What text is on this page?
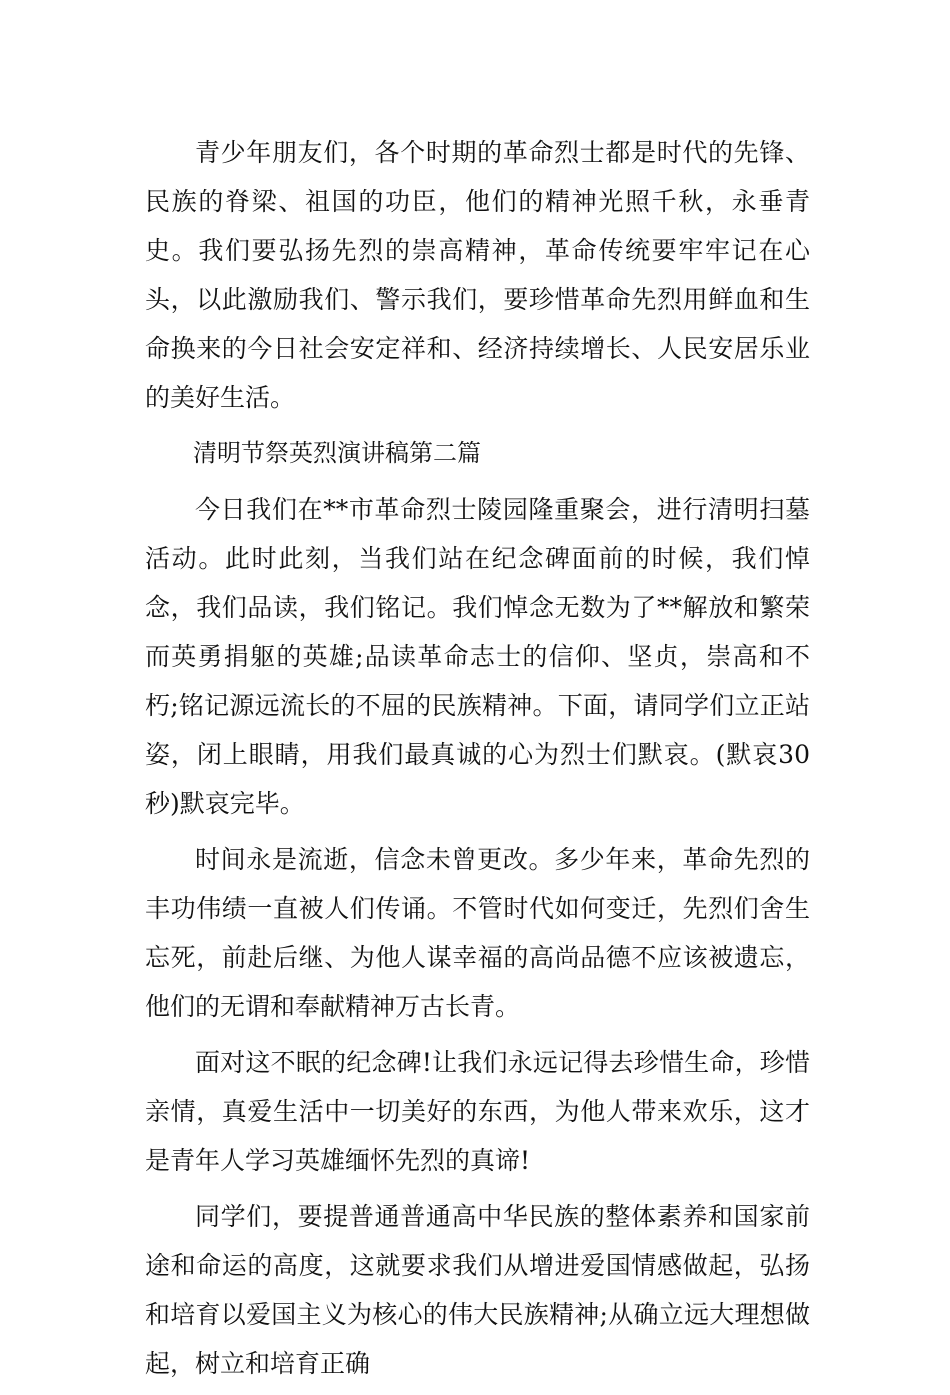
青少年朋友们，各个时期的革命烈士都是时代的先锋、民族的脊梁、祖国的功臣，他们的精神光照千秋，永垂青史。我们要弘扬先烈的崇高精神，革命传统要牢牢记在心头，以此激励我们、警示我们，要珍惜革命先烈用鲜血和生命换来的今日社会安定祥和、经济持续增长、人民安居乐业的美好生活。

清明节祭英烈演讲稿第二篇

今日我们在**市革命烈士陵园隆重聚会，进行清明扫墓活动。此时此刻，当我们站在纪念碑面前的时候，我们悼念，我们品读，我们铭记。我们悼念无数为了**解放和繁荣而英勇捐躯的英雄;品读革命志士的信仰、坚贞，崇高和不朽;铭记源远流长的不屈的民族精神。下面，请同学们立正站姿，闭上眼睛，用我们最真诚的心为烈士们默哀。(默哀30秒)默哀完毕。

时间永是流逝，信念未曾更改。多少年来，革命先烈的丰功伟绩一直被人们传诵。不管时代如何变迁，先烈们舍生忘死，前赴后继、为他人谋幸福的高尚品德不应该被遗忘，他们的无谓和奉献精神万古长青。

面对这不眠的纪念碑!让我们永远记得去珍惜生命，珍惜亲情，真爱生活中一切美好的东西，为他人带来欢乐，这才是青年人学习英雄缅怀先烈的真谛!

同学们，要提普通普通高中华民族的整体素养和国家前途和命运的高度，这就要求我们从增进爱国情感做起，弘扬和培育以爱国主义为核心的伟大民族精神;从确立远大理想做起，树立和培育正确
